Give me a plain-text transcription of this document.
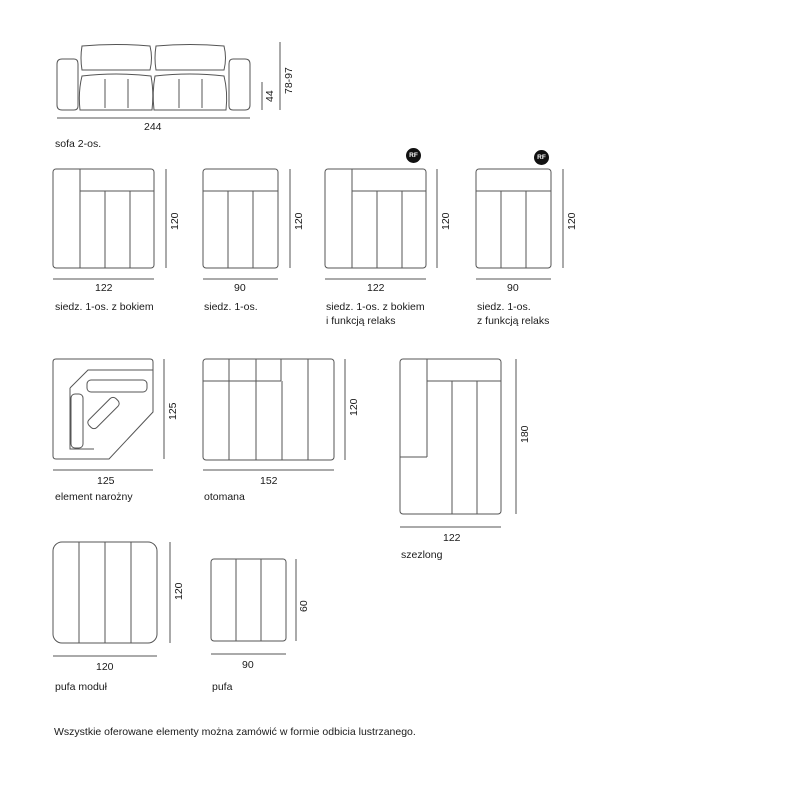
244
44
78-97
sofa 2-os.
122
120
siedz. 1-os. z bokiem
90
120
siedz. 1-os.
RF
122
120
siedz. 1-os. z bokiem
i funkcją relaks
RF
90
120
siedz. 1-os.
z funkcją relaks
125
125
element narożny
152
120
otomana
122
180
szezlong
120
120
pufa moduł
90
60
pufa
Wszystkie oferowane elementy można zamówić w formie odbicia lustrzanego.
